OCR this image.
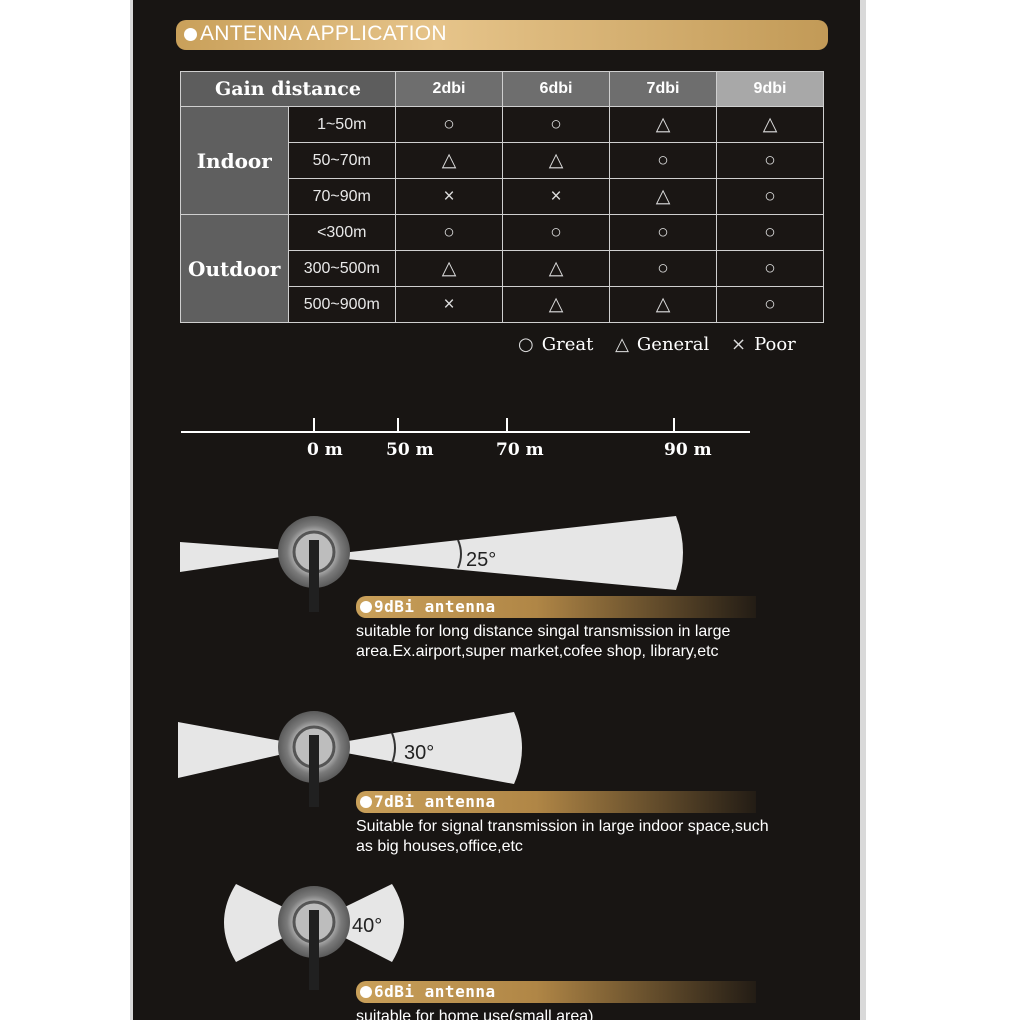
ANTENNA APPLICATION
Gain distance		2dbi	6dbi	7dbi	9dbi
Indoor	1~50m	○	○	△	△
	50~70m	△	△	○	○
	70~90m	×	×	△	○
Outdoor	<300m	○	○	○	○
	300~500m	△	△	○	○
	500~900m	×	△	△	○
○ Great △ General × Poor
0 m	50 m	70 m	90 m
25°
30°
40°
9dBi antenna
suitable for long distance singal transmission in large area.Ex.airport,super market,cofee shop, library,etc
7dBi antenna
Suitable for signal transmission in large indoor space,such as big houses,office,etc
6dBi antenna
suitable for home use(small area)
